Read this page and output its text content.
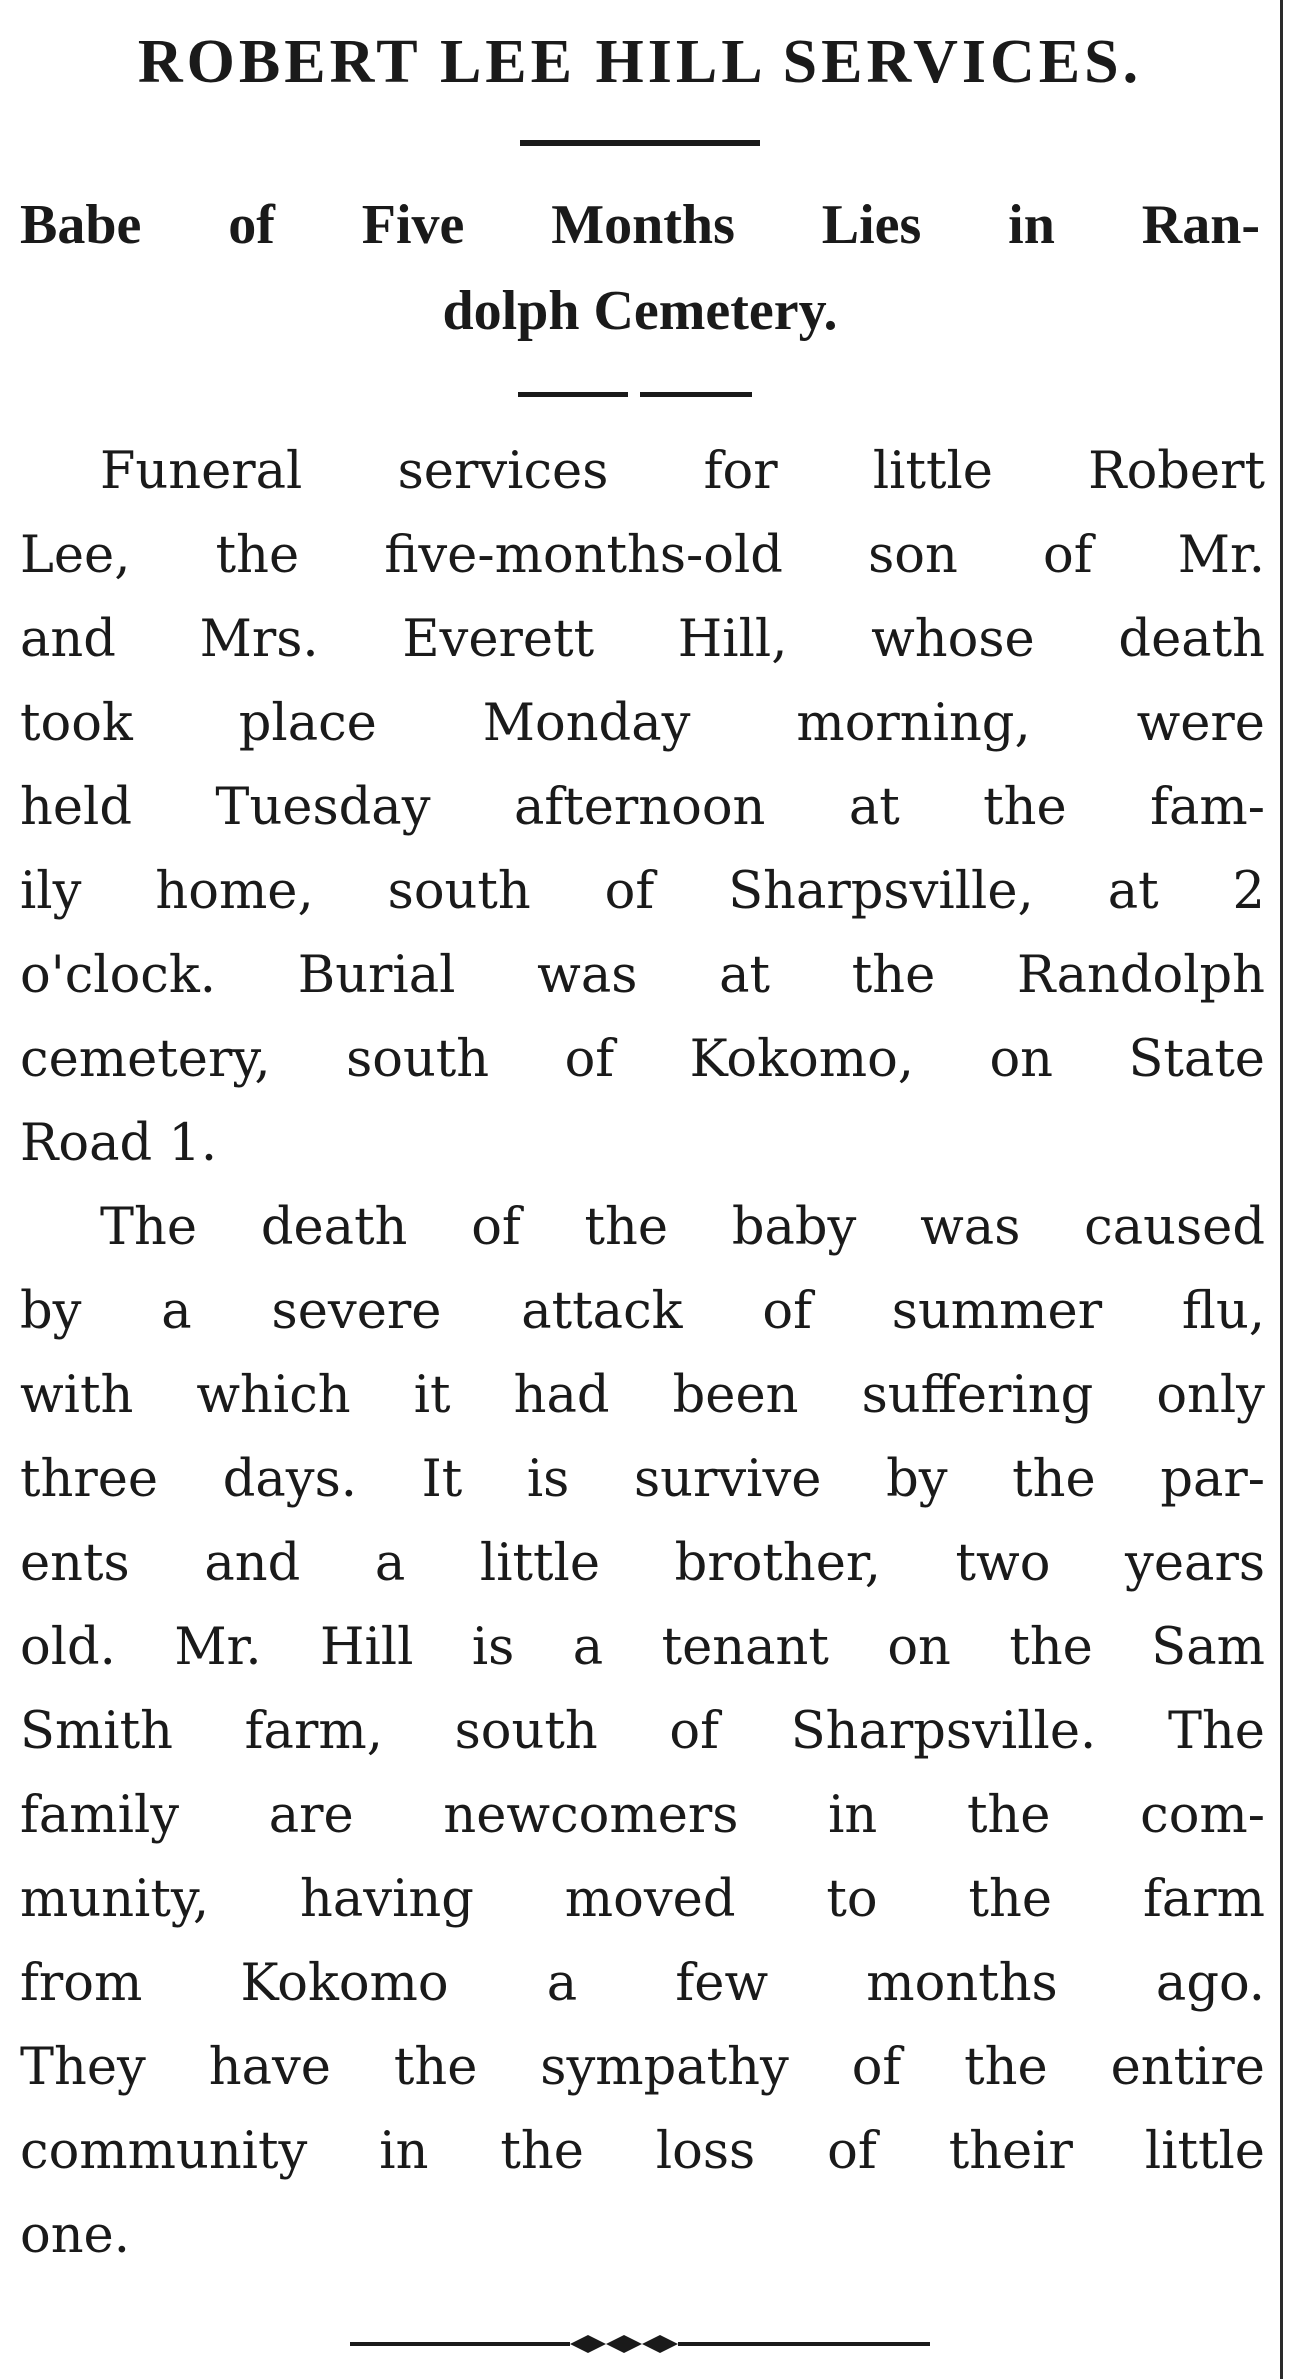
ROBERT LEE HILL SERVICES.
Babe of Five Months Lies in Ran-
dolph Cemetery.
Funeral services for little Robert
Lee, the five-months-old son of Mr.
and Mrs. Everett Hill, whose death
took place Monday morning, were
held Tuesday afternoon at the fam-
ily home, south of Sharpsville, at 2
o'clock. Burial was at the Randolph
cemetery, south of Kokomo, on State
Road 1.
The death of the baby was caused
by a severe attack of summer flu,
with which it had been suffering only
three days. It is survive by the par-
ents and a little brother, two years
old. Mr. Hill is a tenant on the Sam
Smith farm, south of Sharpsville. The
family are newcomers in the com-
munity, having moved to the farm
from Kokomo a few months ago.
They have the sympathy of the entire
community in the loss of their little
one.
